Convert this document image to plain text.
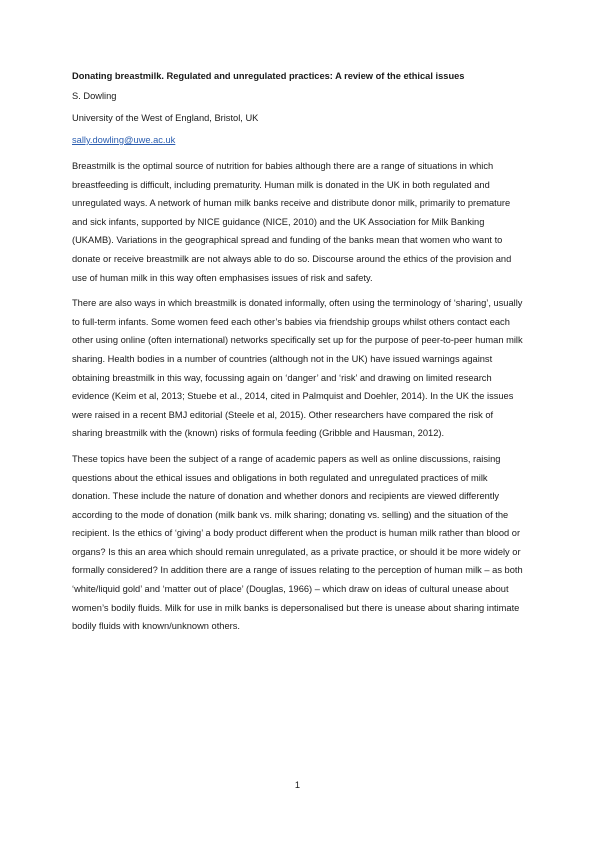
Donating breastmilk. Regulated and unregulated practices: A review of the ethical issues
S. Dowling
University of the West of England, Bristol, UK
sally.dowling@uwe.ac.uk

Breastmilk is the optimal source of nutrition for babies although there are a range of situations in which breastfeeding is difficult, including prematurity. Human milk is donated in the UK in both regulated and unregulated ways. A network of human milk banks receive and distribute donor milk, primarily to premature and sick infants, supported by NICE guidance (NICE, 2010) and the UK Association for Milk Banking (UKAMB). Variations in the geographical spread and funding of the banks mean that women who want to donate or receive breastmilk are not always able to do so. Discourse around the ethics of the provision and use of human milk in this way often emphasises issues of risk and safety.

There are also ways in which breastmilk is donated informally, often using the terminology of ‘sharing’, usually to full-term infants. Some women feed each other’s babies via friendship groups whilst others contact each other using online (often international) networks specifically set up for the purpose of peer-to-peer human milk sharing. Health bodies in a number of countries (although not in the UK) have issued warnings against obtaining breastmilk in this way, focussing again on ‘danger’ and ‘risk’ and drawing on limited research evidence (Keim et al, 2013; Stuebe et al., 2014, cited in Palmquist and Doehler, 2014). In the UK the issues were raised in a recent BMJ editorial (Steele et al, 2015). Other researchers have compared the risk of sharing breastmilk with the (known) risks of formula feeding (Gribble and Hausman, 2012).

These topics have been the subject of a range of academic papers as well as online discussions, raising questions about the ethical issues and obligations in both regulated and unregulated practices of milk donation. These include the nature of donation and whether donors and recipients are viewed differently according to the mode of donation (milk bank vs. milk sharing; donating vs. selling) and the situation of the recipient. Is the ethics of ‘giving’ a body product different when the product is human milk rather than blood or organs? Is this an area which should remain unregulated, as a private practice, or should it be more widely or formally considered? In addition there are a range of issues relating to the perception of human milk – as both ‘white/liquid gold’ and ‘matter out of place’ (Douglas, 1966) – which draw on ideas of cultural unease about women’s bodily fluids. Milk for use in milk banks is depersonalised but there is unease about sharing intimate bodily fluids with known/unknown others.

1
